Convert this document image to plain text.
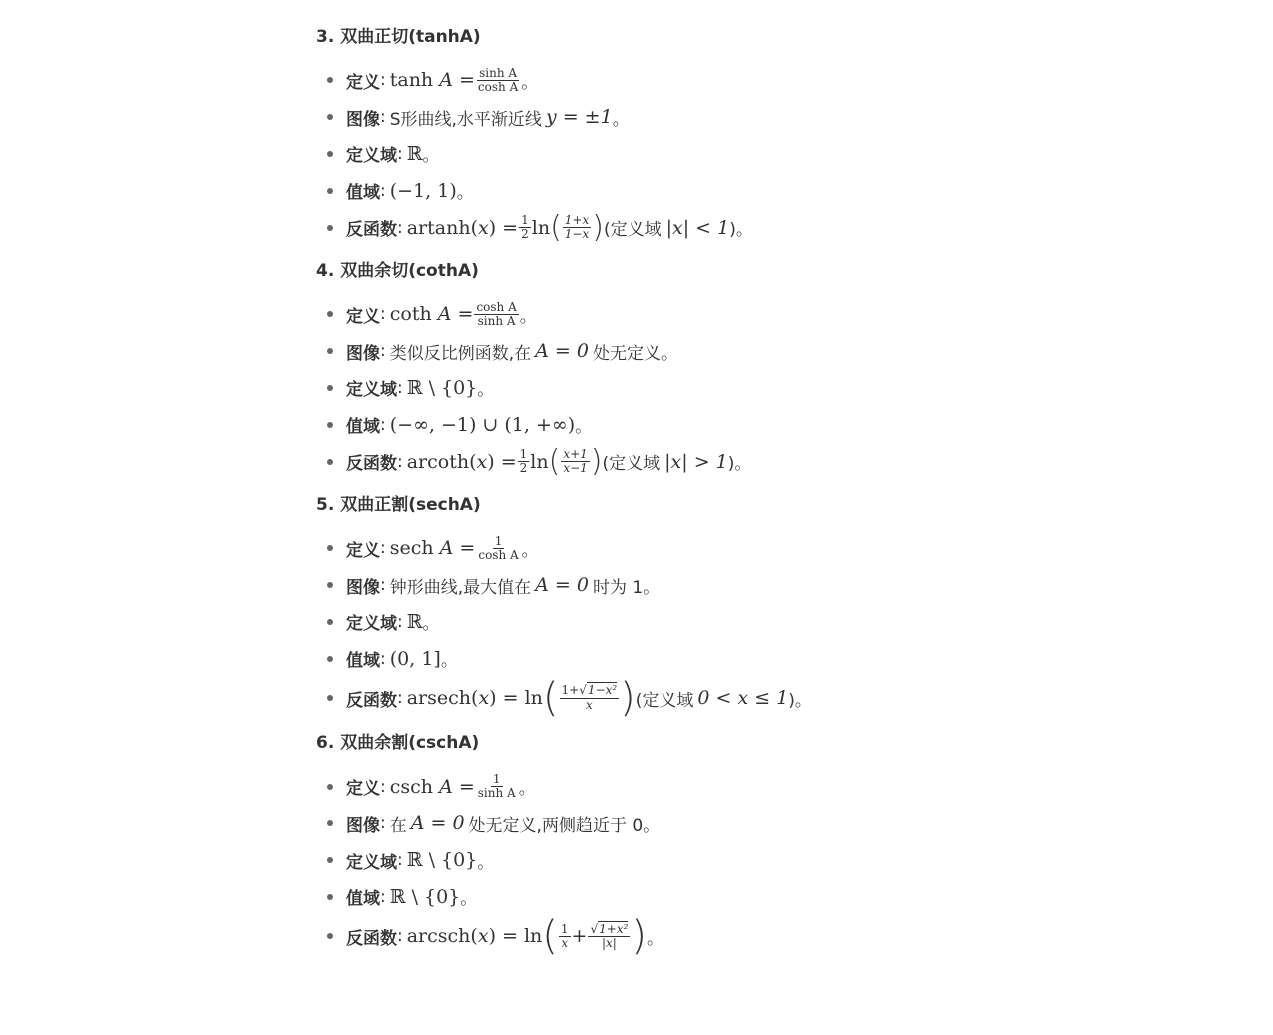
3. 双曲正切(tanhA)
定义 : $\tanh A = \frac{\text{sinh A}}{\text{cosh A}}$ 。
图像 : S形曲线,水平渐近线 y = ±1 。
定义域 : ℝ 。
值域 : (−1, 1) 。
反函数 : $artanh(x) = \frac{1}{2}$ ln ( $\frac{1+x}{1-x}$ ) (定义域 |x| < 1 )。
4. 双曲余切(cothA)
定义 : coth $A = \frac{\text{cosh A}}{\text{sinh A}}$ 。
图像 : 类似反比例函数,在 A = 0 处无定义 。
定义域 : ℝ \ {0} 。
值域 : (−∞, −1) ∪ (1, +∞) 。
反函数 : $arcoth(x) = \frac{1}{2}$ ln ( $\frac{x+1}{x-1}$ ) (定义域 |x| > 1 )。
5. 双曲正割(sechA)
定义 : sech $A = \frac{1}{\text{cosh A}}$ 。
图像 : 钟形曲线,最大值在 A = 0 时为 1 。
定义域 : ℝ 。
值域 : (0, 1] 。
反函数 : arsech(x) = ln ( $\frac{\text{1+√1−x²}}{x}$ ) (定义域 0 < x ≤ 1 )。
6. 双曲余割(cschA)
定义 : csch $A = \frac{1}{\text{sinh A}}$ 。
图像 : 在 A = 0 处无定义,两侧趋近于 0 。
定义域 : ℝ \ {0} 。
值域 : ℝ \ {0} 。
反函数 : arcsch(x) = ln ( $\frac{1}{x} + \frac{\text{√1+x²}}{|x|}$ ) 。
